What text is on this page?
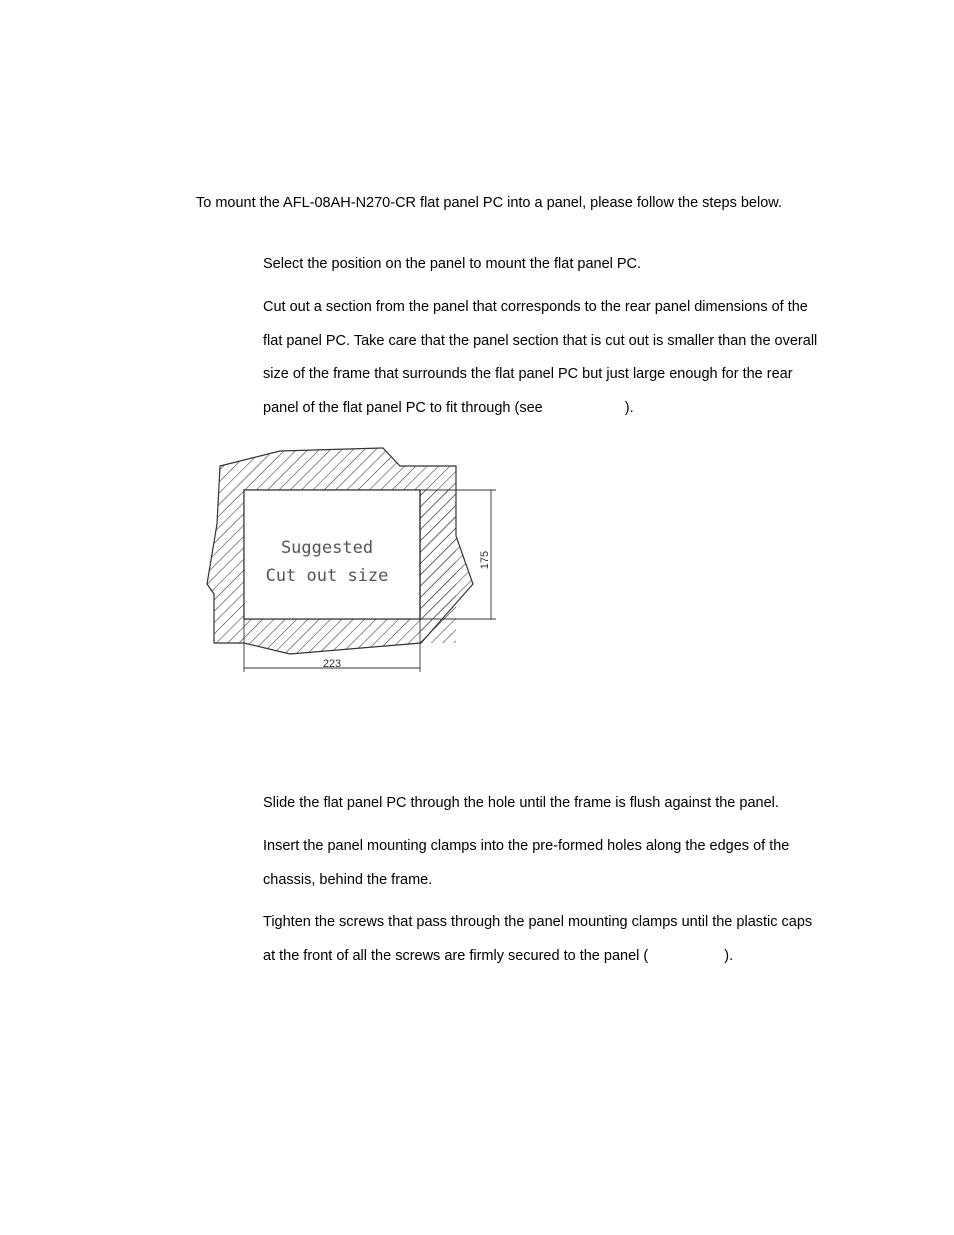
To mount the AFL-08AH-N270-CR flat panel PC into a panel, please follow the steps below.

Select the position on the panel to mount the flat panel PC.

Cut out a section from the panel that corresponds to the rear panel dimensions of the flat panel PC. Take care that the panel section that is cut out is smaller than the overall size of the frame that surrounds the flat panel PC but just large enough for the rear panel of the flat panel PC to fit through (see	).

Suggested
Cut out size
175
223

Slide the flat panel PC through the hole until the frame is flush against the panel.

Insert the panel mounting clamps into the pre-formed holes along the edges of the chassis, behind the frame.

Tighten the screws that pass through the panel mounting clamps until the plastic caps at the front of all the screws are firmly secured to the panel (	).
